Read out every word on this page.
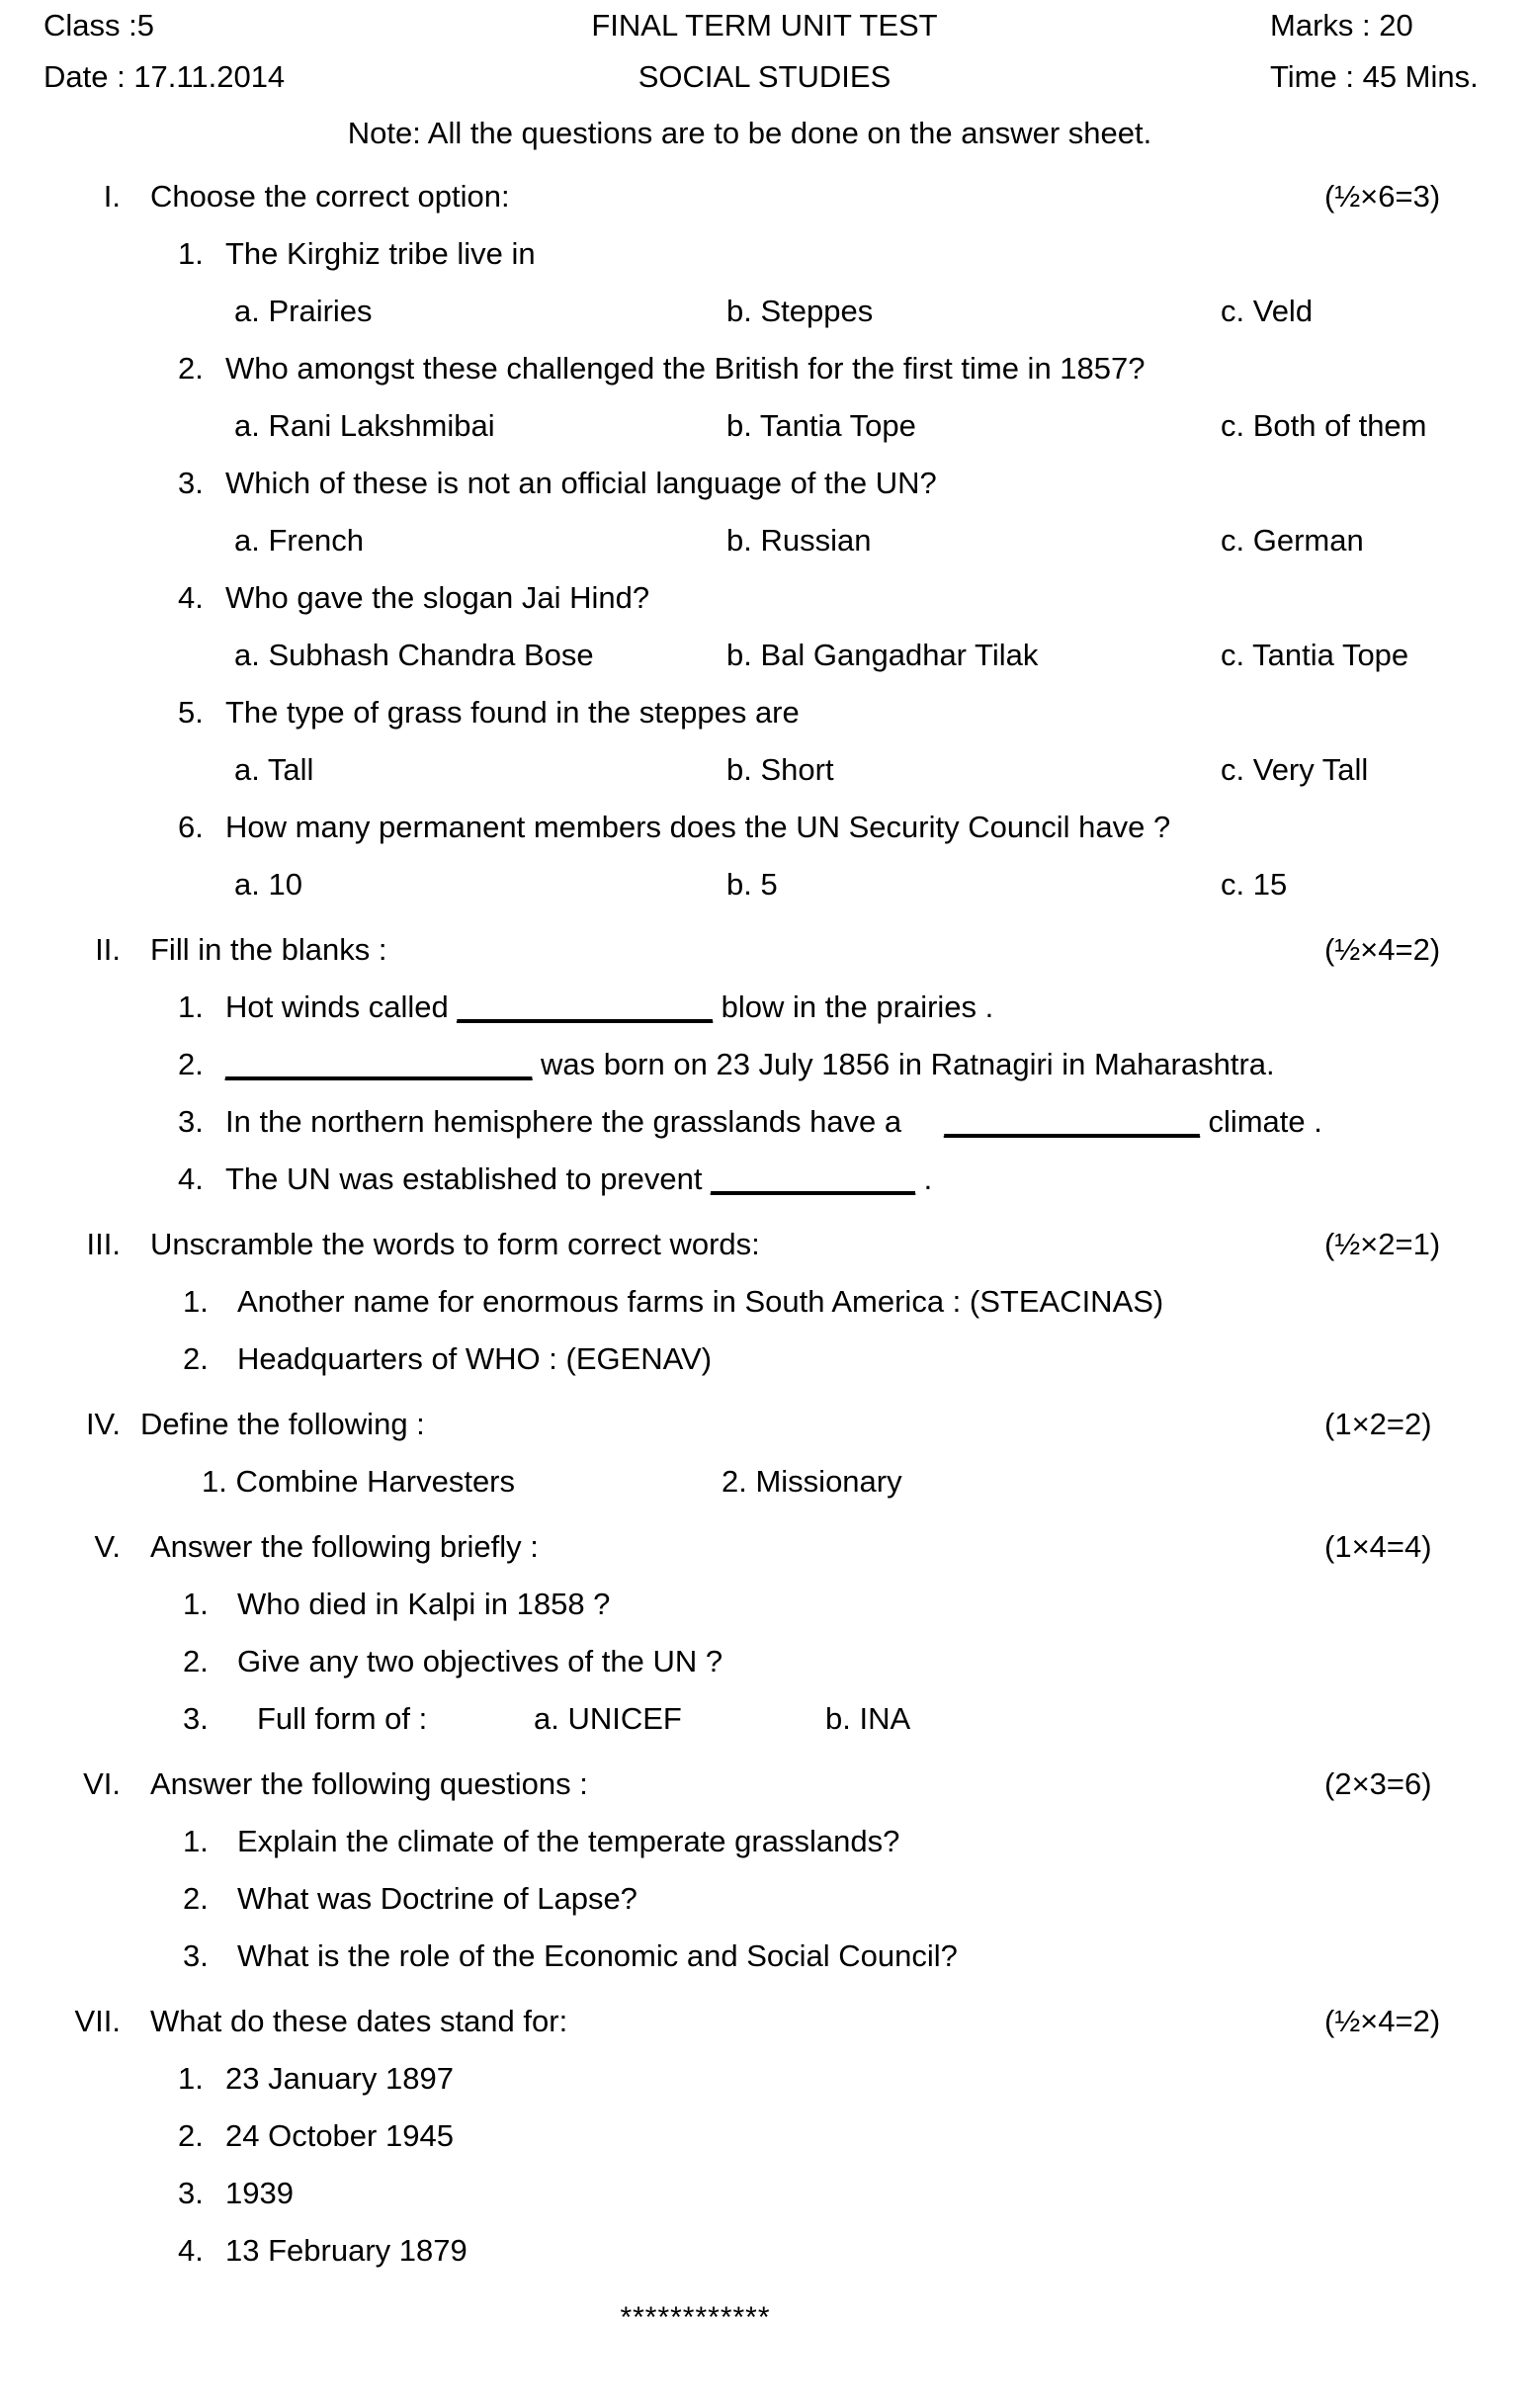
Class :5	FINAL TERM UNIT TEST	Marks : 20
Date : 17.11.2014	SOCIAL STUDIES	Time : 45 Mins.
Note: All the questions are to be done on the answer sheet.
I. Choose the correct option:	(½×6=3)
1. The Kirghiz tribe live in
a. Prairies	b. Steppes	c. Veld
2. Who amongst these challenged the British for the first time in 1857?
a. Rani Lakshmibai	b. Tantia Tope	c. Both of them
3. Which of these is not an official language of the UN?
a. French	b. Russian	c. German
4. Who gave the slogan Jai Hind?
a. Subhash Chandra Bose	b. Bal Gangadhar Tilak	c. Tantia Tope
5. The type of grass found in the steppes are
a. Tall	b. Short	c. Very Tall
6. How many permanent members does the UN Security Council have ?
a. 10	b. 5	c. 15
II. Fill in the blanks :	(½×4=2)
1. Hot winds called _______________ blow in the prairies .
2. __________________ was born on 23 July 1856 in Ratnagiri in Maharashtra.
3. In the northern hemisphere the grasslands have a     _______________ climate .
4. The UN was established to prevent ____________ .
III. Unscramble the words to form correct words:	(½×2=1)
1. Another name for enormous farms in South America : (STEACINAS)
2. Headquarters of WHO : (EGENAV)
IV. Define the following :	(1×2=2)
1. Combine Harvesters	2. Missionary
V. Answer the following briefly :	(1×4=4)
1. Who died in Kalpi in 1858 ?
2. Give any two objectives of the UN ?
3. Full form of :	a. UNICEF	b. INA
VI. Answer the following questions :	(2×3=6)
1. Explain the climate of the temperate grasslands?
2. What was Doctrine of Lapse?
3. What is the role of the Economic and Social Council?
VII. What do these dates stand for:	(½×4=2)
1. 23 January 1897
2. 24 October 1945
3. 1939
4. 13 February 1879
************
